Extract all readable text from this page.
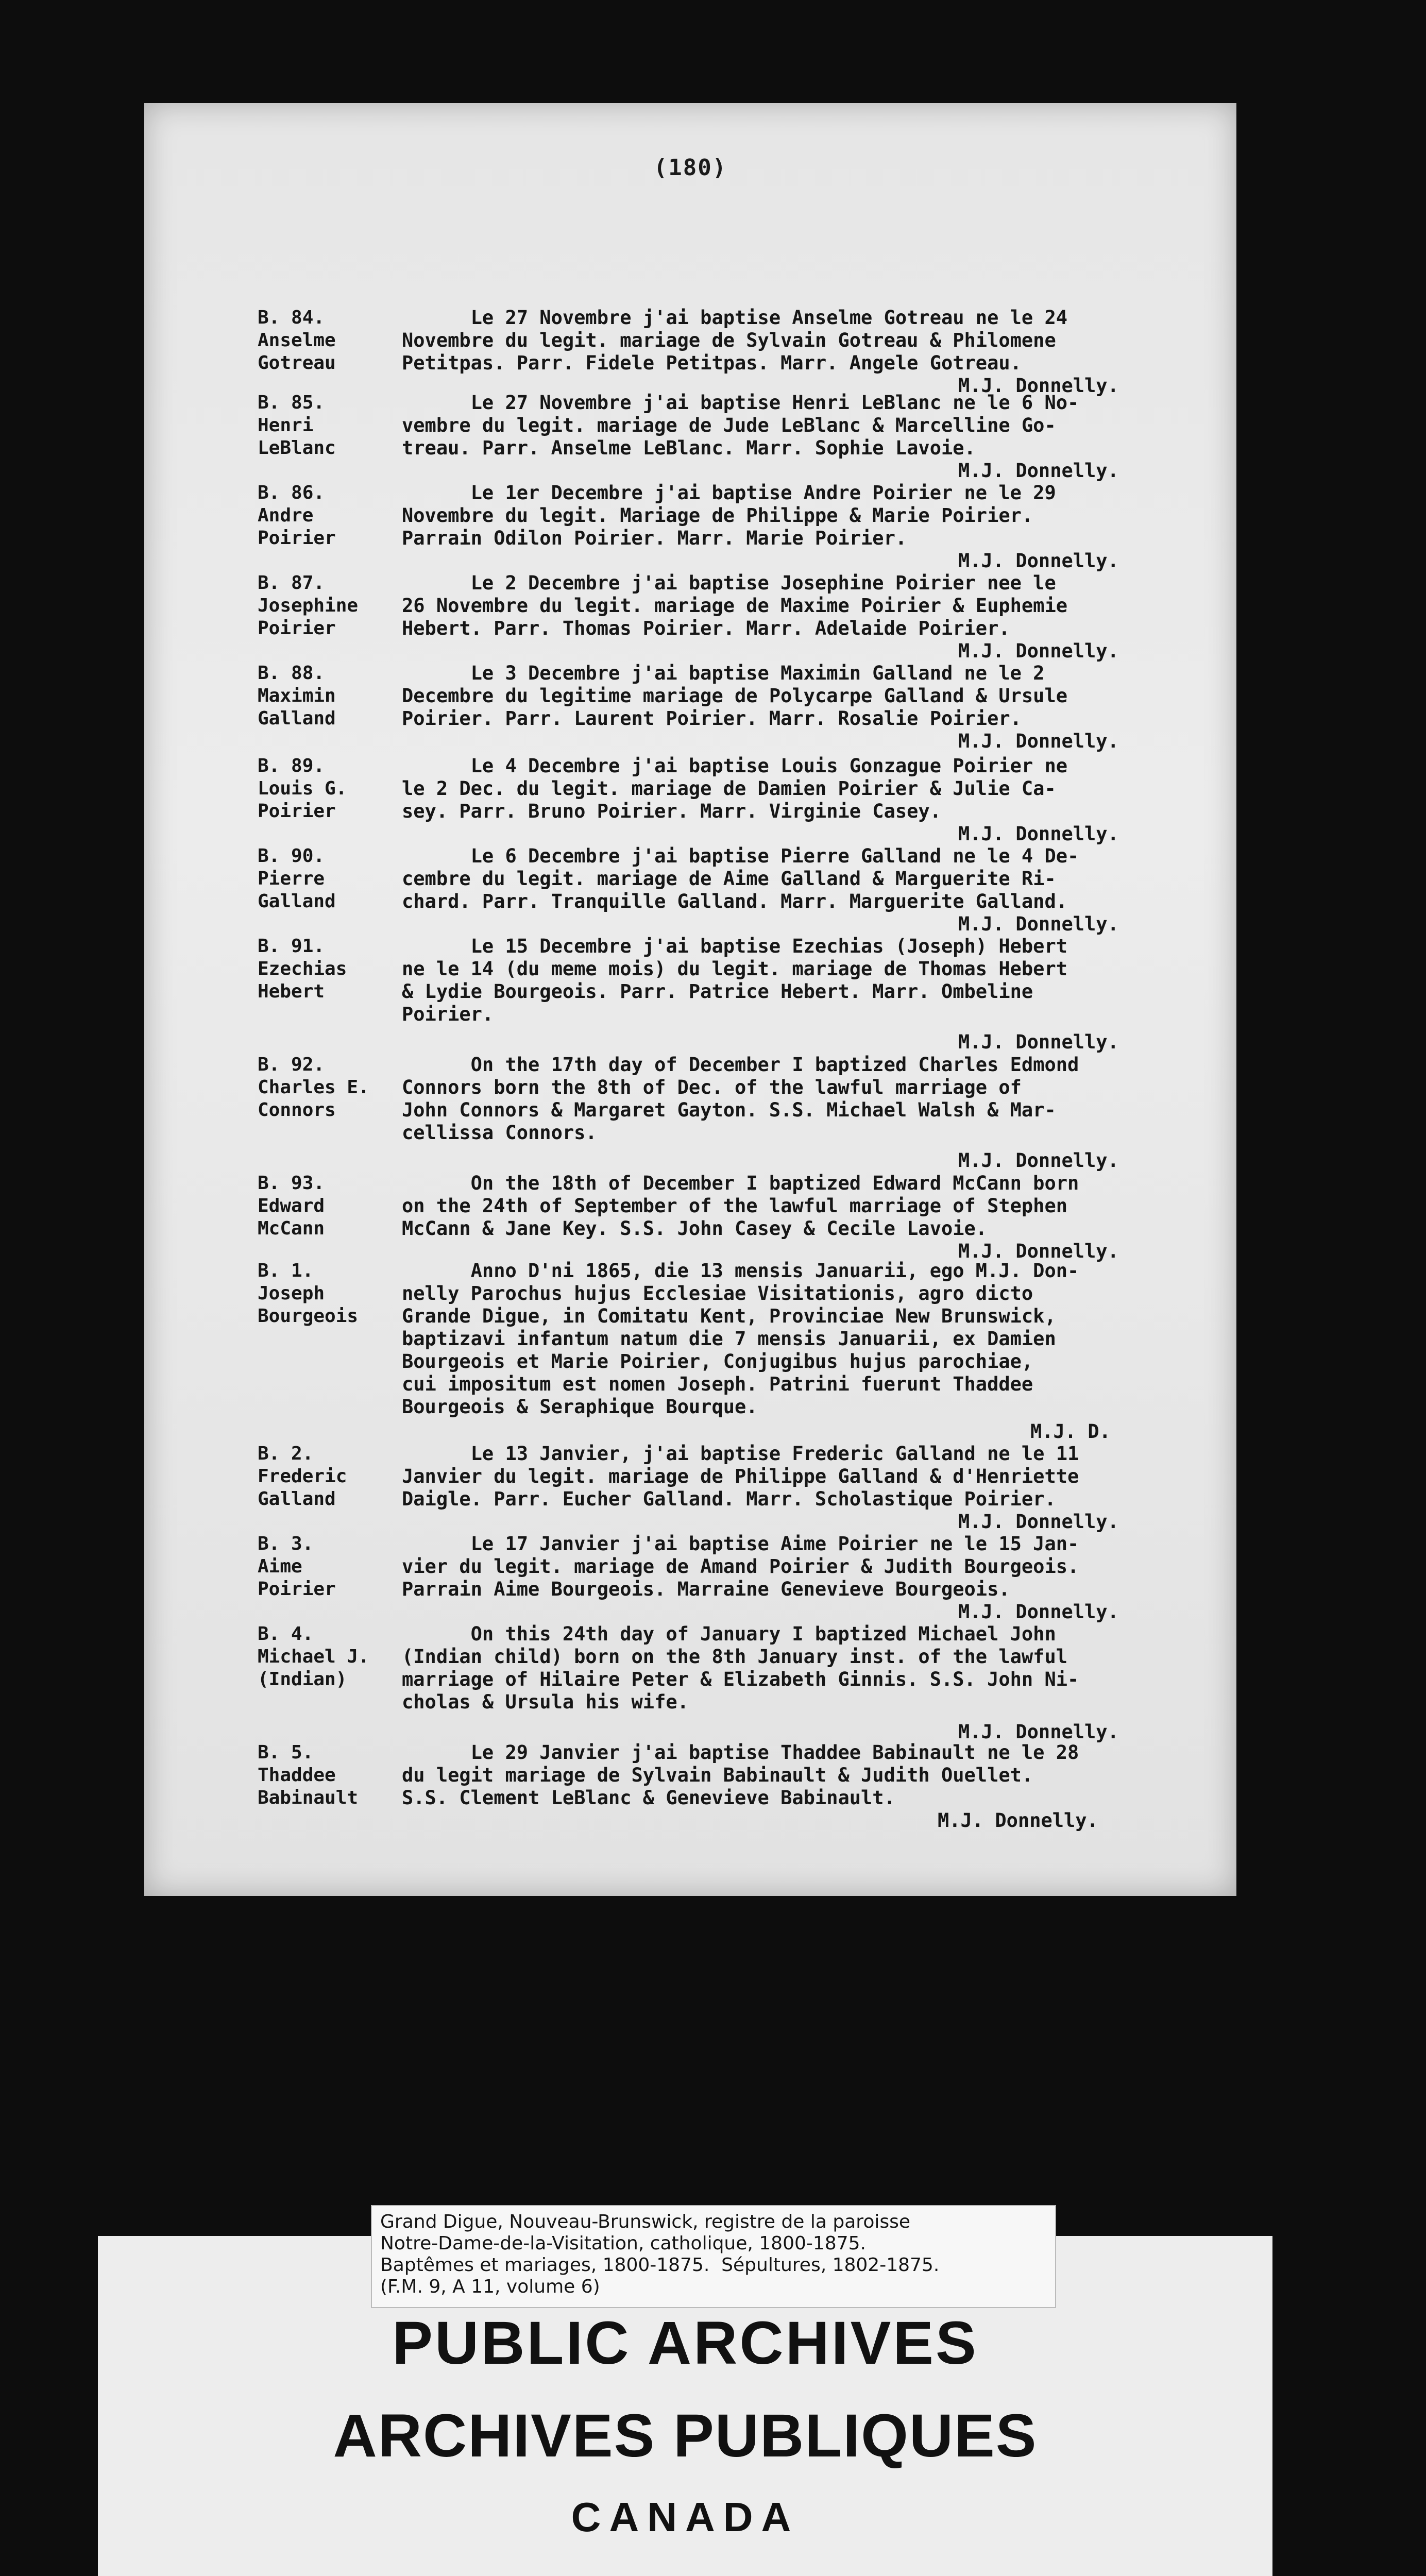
(180)
B. 84.
Anselme
Gotreau
Le 27 Novembre j'ai baptise Anselme Gotreau ne le 24
Novembre du legit. mariage de Sylvain Gotreau & Philomene
Petitpas. Parr. Fidele Petitpas. Marr. Angele Gotreau.
M.J. Donnelly.
B. 85.
Henri
LeBlanc
Le 27 Novembre j'ai baptise Henri LeBlanc ne le 6 No-
vembre du legit. mariage de Jude LeBlanc & Marcelline Go-
treau. Parr. Anselme LeBlanc. Marr. Sophie Lavoie.
M.J. Donnelly.
B. 86.
Andre
Poirier
Le 1er Decembre j'ai baptise Andre Poirier ne le 29
Novembre du legit. Mariage de Philippe & Marie Poirier.
Parrain Odilon Poirier. Marr. Marie Poirier.
M.J. Donnelly.
B. 87.
Josephine
Poirier
Le 2 Decembre j'ai baptise Josephine Poirier nee le
26 Novembre du legit. mariage de Maxime Poirier & Euphemie
Hebert. Parr. Thomas Poirier. Marr. Adelaide Poirier.
M.J. Donnelly.
B. 88.
Maximin
Galland
Le 3 Decembre j'ai baptise Maximin Galland ne le 2
Decembre du legitime mariage de Polycarpe Galland & Ursule
Poirier. Parr. Laurent Poirier. Marr. Rosalie Poirier.
M.J. Donnelly.
B. 89.
Louis G.
Poirier
Le 4 Decembre j'ai baptise Louis Gonzague Poirier ne
le 2 Dec. du legit. mariage de Damien Poirier & Julie Ca-
sey. Parr. Bruno Poirier. Marr. Virginie Casey.
M.J. Donnelly.
B. 90.
Pierre
Galland
Le 6 Decembre j'ai baptise Pierre Galland ne le 4 De-
cembre du legit. mariage de Aime Galland & Marguerite Ri-
chard. Parr. Tranquille Galland. Marr. Marguerite Galland.
M.J. Donnelly.
B. 91.
Ezechias
Hebert
Le 15 Decembre j'ai baptise Ezechias (Joseph) Hebert
ne le 14 (du meme mois) du legit. mariage de Thomas Hebert
& Lydie Bourgeois. Parr. Patrice Hebert. Marr. Ombeline
Poirier.
M.J. Donnelly.
B. 92.
Charles E.
Connors
On the 17th day of December I baptized Charles Edmond
Connors born the 8th of Dec. of the lawful marriage of
John Connors & Margaret Gayton. S.S. Michael Walsh & Mar-
cellissa Connors.
M.J. Donnelly.
B. 93.
Edward
McCann
On the 18th of December I baptized Edward McCann born
on the 24th of September of the lawful marriage of Stephen
McCann & Jane Key. S.S. John Casey & Cecile Lavoie.
M.J. Donnelly.
B. 1.
Joseph
Bourgeois
Anno D'ni 1865, die 13 mensis Januarii, ego M.J. Don-
nelly Parochus hujus Ecclesiae Visitationis, agro dicto
Grande Digue, in Comitatu Kent, Provinciae New Brunswick,
baptizavi infantum natum die 7 mensis Januarii, ex Damien
Bourgeois et Marie Poirier, Conjugibus hujus parochiae,
cui impositum est nomen Joseph. Patrini fuerunt Thaddee
Bourgeois & Seraphique Bourque.
M.J. D.
B. 2.
Frederic
Galland
Le 13 Janvier, j'ai baptise Frederic Galland ne le 11
Janvier du legit. mariage de Philippe Galland & d'Henriette
Daigle. Parr. Eucher Galland. Marr. Scholastique Poirier.
M.J. Donnelly.
B. 3.
Aime
Poirier
Le 17 Janvier j'ai baptise Aime Poirier ne le 15 Jan-
vier du legit. mariage de Amand Poirier & Judith Bourgeois.
Parrain Aime Bourgeois. Marraine Genevieve Bourgeois.
M.J. Donnelly.
B. 4.
Michael J.
(Indian)
On this 24th day of January I baptized Michael John
(Indian child) born on the 8th January inst. of the lawful
marriage of Hilaire Peter & Elizabeth Ginnis. S.S. John Ni-
cholas & Ursula his wife.
M.J. Donnelly.
B. 5.
Thaddee
Babinault
Le 29 Janvier j'ai baptise Thaddee Babinault ne le 28
du legit mariage de Sylvain Babinault & Judith Ouellet.
S.S. Clement LeBlanc & Genevieve Babinault.
M.J. Donnelly.
Grand Digue, Nouveau-Brunswick, registre de la paroisse
Notre-Dame-de-la-Visitation, catholique, 1800-1875.
Baptêmes et mariages, 1800-1875.  Sépultures, 1802-1875.
(F.M. 9, A 11, volume 6)
PUBLIC ARCHIVES
ARCHIVES PUBLIQUES
CANADA
